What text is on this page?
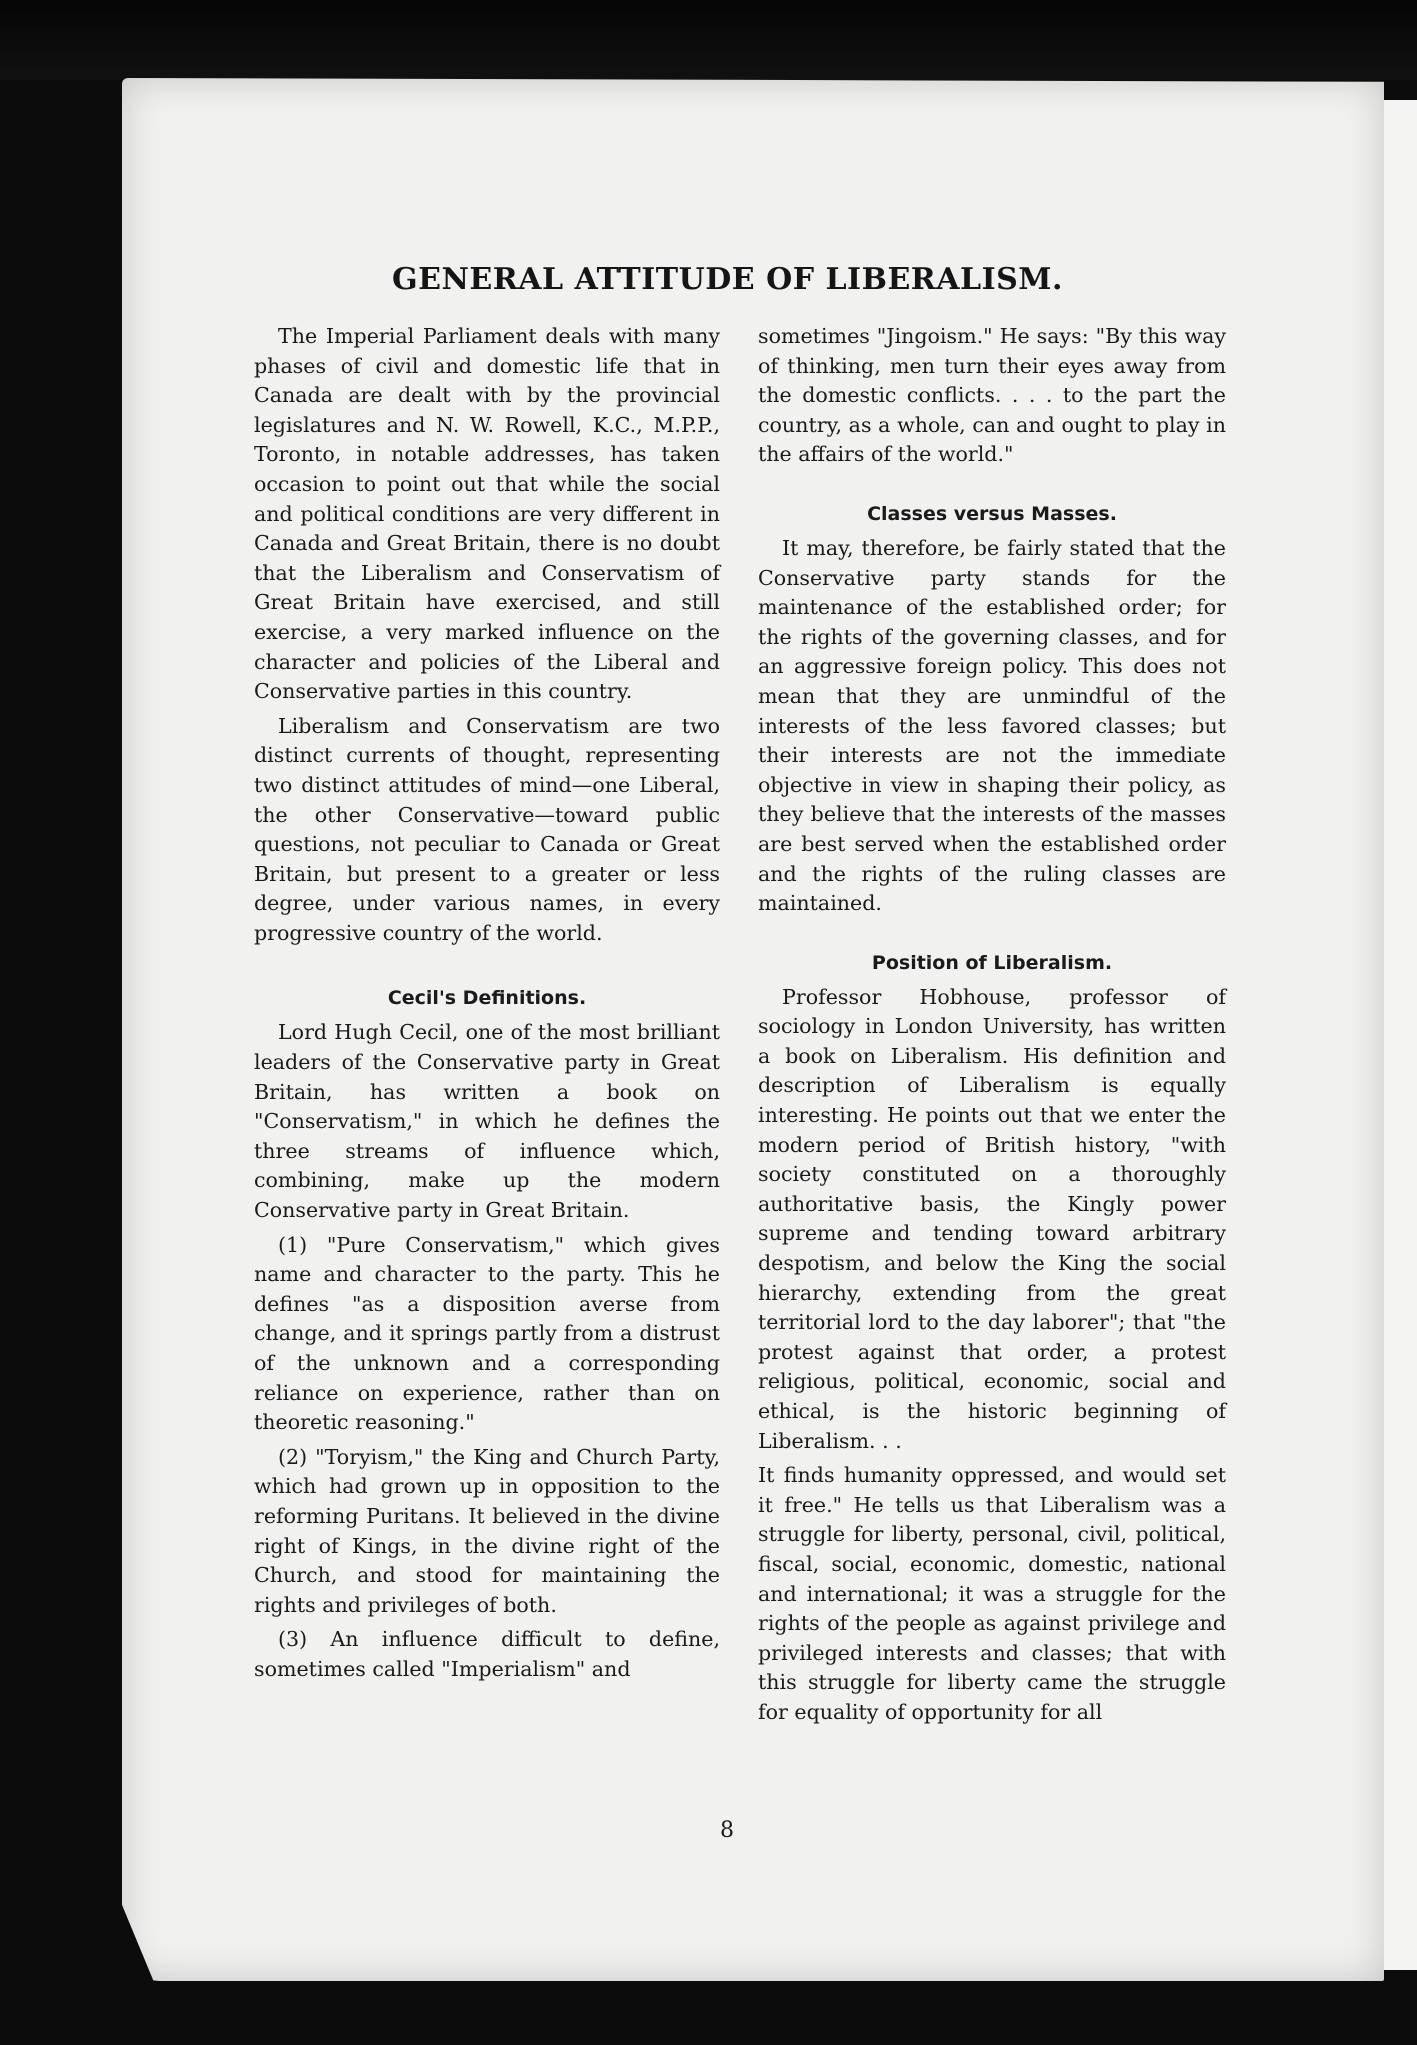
GENERAL ATTITUDE OF LIBERALISM.

The Imperial Parliament deals with many phases of civil and domestic life that in Canada are dealt with by the provincial legislatures and N. W. Rowell, K.C., M.P.P., Toronto, in notable addresses, has taken occasion to point out that while the social and political conditions are very different in Canada and Great Britain, there is no doubt that the Liberalism and Conservatism of Great Britain have exercised, and still exercise, a very marked influence on the character and policies of the Liberal and Conservative parties in this country.

Liberalism and Conservatism are two distinct currents of thought, representing two distinct attitudes of mind—one Liberal, the other Conservative—toward public questions, not peculiar to Canada or Great Britain, but present to a greater or less degree, under various names, in every progressive country of the world.

Cecil's Definitions.

Lord Hugh Cecil, one of the most brilliant leaders of the Conservative party in Great Britain, has written a book on "Conservatism," in which he defines the three streams of influence which, combining, make up the modern Conservative party in Great Britain.

(1) "Pure Conservatism," which gives name and character to the party. This he defines "as a disposition averse from change, and it springs partly from a distrust of the unknown and a corresponding reliance on experience, rather than on theoretic reasoning."

(2) "Toryism," the King and Church Party, which had grown up in opposition to the reforming Puritans. It believed in the divine right of Kings, in the divine right of the Church, and stood for maintaining the rights and privileges of both.

(3) An influence difficult to define, sometimes called "Imperialism" and

sometimes "Jingoism." He says: "By this way of thinking, men turn their eyes away from the domestic conflicts. . . . to the part the country, as a whole, can and ought to play in the affairs of the world."

Classes versus Masses.

It may, therefore, be fairly stated that the Conservative party stands for the maintenance of the established order; for the rights of the governing classes, and for an aggressive foreign policy. This does not mean that they are unmindful of the interests of the less favored classes; but their interests are not the immediate objective in view in shaping their policy, as they believe that the interests of the masses are best served when the established order and the rights of the ruling classes are maintained.

Position of Liberalism.

Professor Hobhouse, professor of sociology in London University, has written a book on Liberalism. His definition and description of Liberalism is equally interesting. He points out that we enter the modern period of British history, "with society constituted on a thoroughly authoritative basis, the Kingly power supreme and tending toward arbitrary despotism, and below the King the social hierarchy, extending from the great territorial lord to the day laborer"; that "the protest against that order, a protest religious, political, economic, social and ethical, is the historic beginning of Liberalism. . .

It finds humanity oppressed, and would set it free." He tells us that Liberalism was a struggle for liberty, personal, civil, political, fiscal, social, economic, domestic, national and international; it was a struggle for the rights of the people as against privilege and privileged interests and classes; that with this struggle for liberty came the struggle for equality of opportunity for all

8
